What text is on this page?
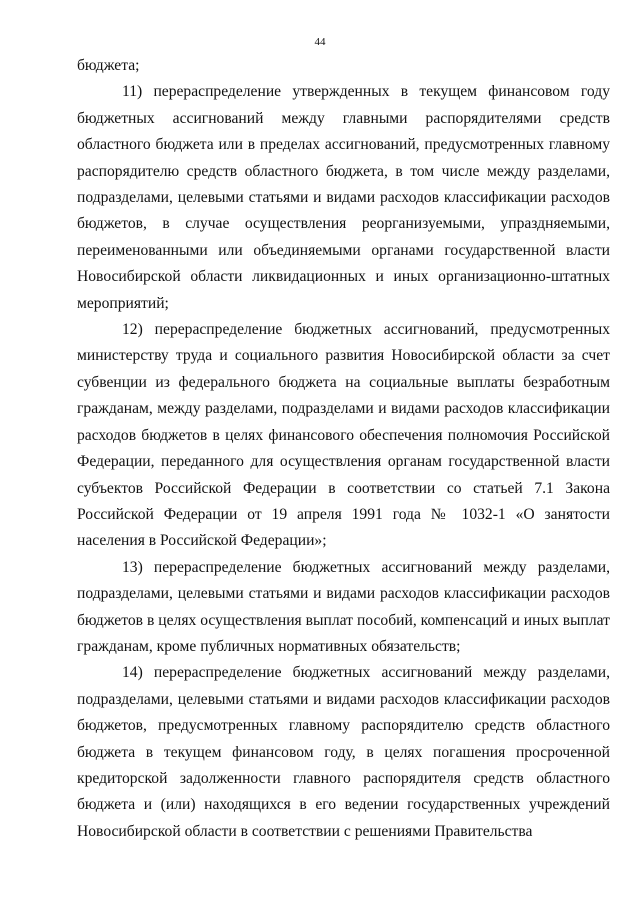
44

бюджета;

11) перераспределение утвержденных в текущем финансовом году бюджетных ассигнований между главными распорядителями средств областного бюджета или в пределах ассигнований, предусмотренных главному распорядителю средств областного бюджета, в том числе между разделами, подразделами, целевыми статьями и видами расходов классификации расходов бюджетов, в случае осуществления реорганизуемыми, упраздняемыми, переименованными или объединяемыми органами государственной власти Новосибирской области ликвидационных и иных организационно-штатных мероприятий;

12) перераспределение бюджетных ассигнований, предусмотренных министерству труда и социального развития Новосибирской области за счет субвенции из федерального бюджета на социальные выплаты безработным гражданам, между разделами, подразделами и видами расходов классификации расходов бюджетов в целях финансового обеспечения полномочия Российской Федерации, переданного для осуществления органам государственной власти субъектов Российской Федерации в соответствии со статьей 7.1 Закона Российской Федерации от 19 апреля 1991 года № 1032-1 «О занятости населения в Российской Федерации»;

13) перераспределение бюджетных ассигнований между разделами, подразделами, целевыми статьями и видами расходов классификации расходов бюджетов в целях осуществления выплат пособий, компенсаций и иных выплат гражданам, кроме публичных нормативных обязательств;

14) перераспределение бюджетных ассигнований между разделами, подразделами, целевыми статьями и видами расходов классификации расходов бюджетов, предусмотренных главному распорядителю средств областного бюджета в текущем финансовом году, в целях погашения просроченной кредиторской задолженности главного распорядителя средств областного бюджета и (или) находящихся в его ведении государственных учреждений Новосибирской области в соответствии с решениями Правительства
